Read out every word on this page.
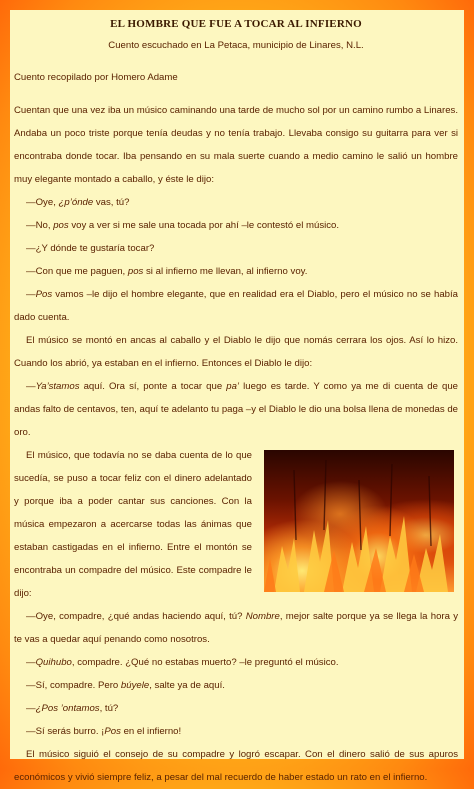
EL HOMBRE QUE FUE A TOCAR AL INFIERNO
Cuento escuchado en La Petaca, municipio de Linares, N.L.

Cuento recopilado por Homero Adame

Cuentan que una vez iba un músico caminando una tarde de mucho sol por un camino rumbo a Linares. Andaba un poco triste porque tenía deudas y no tenía trabajo. Llevaba consigo su guitarra para ver si encontraba donde tocar. Iba pensando en su mala suerte cuando a medio camino le salió un hombre muy elegante montado a caballo, y éste le dijo:

—Oye, ¿p’ónde vas, tú?

—No, pos voy a ver si me sale una tocada por ahí –le contestó el músico.

—¿Y dónde te gustaría tocar?

—Con que me paguen, pos si al infierno me llevan, al infierno voy.

—Pos vamos –le dijo el hombre elegante, que en realidad era el Diablo, pero el músico no se había dado cuenta.

El músico se montó en ancas al caballo y el Diablo le dijo que nomás cerrara los ojos. Así lo hizo. Cuando los abrió, ya estaban en el infierno. Entonces el Diablo le dijo:

—Ya’stamos aquí. Ora sí, ponte a tocar que pa’ luego es tarde. Y como ya me di cuenta de que andas falto de centavos, ten, aquí te adelanto tu paga –y el Diablo le dio una bolsa llena de monedas de oro.

El músico, que todavía no se daba cuenta de lo que sucedía, se puso a tocar feliz con el dinero adelantado y porque iba a poder cantar sus canciones. Con la música empezaron a acercarse todas las ánimas que estaban castigadas en el infierno. Entre el montón se encontraba un compadre del músico. Este compadre le dijo:

—Oye, compadre, ¿qué andas haciendo aquí, tú? Nombre, mejor salte porque ya se llega la hora y te vas a quedar aquí penando como nosotros.

—Quihubo, compadre. ¿Qué no estabas muerto? –le preguntó el músico.

—Sí, compadre. Pero búyele, salte ya de aquí.

—¿Pos ’ontamos, tú?

—Sí serás burro. ¡Pos en el infierno!

El músico siguió el consejo de su compadre y logró escapar. Con el dinero salió de sus apuros económicos y vivió siempre feliz, a pesar del mal recuerdo de haber estado un rato en el infierno.
